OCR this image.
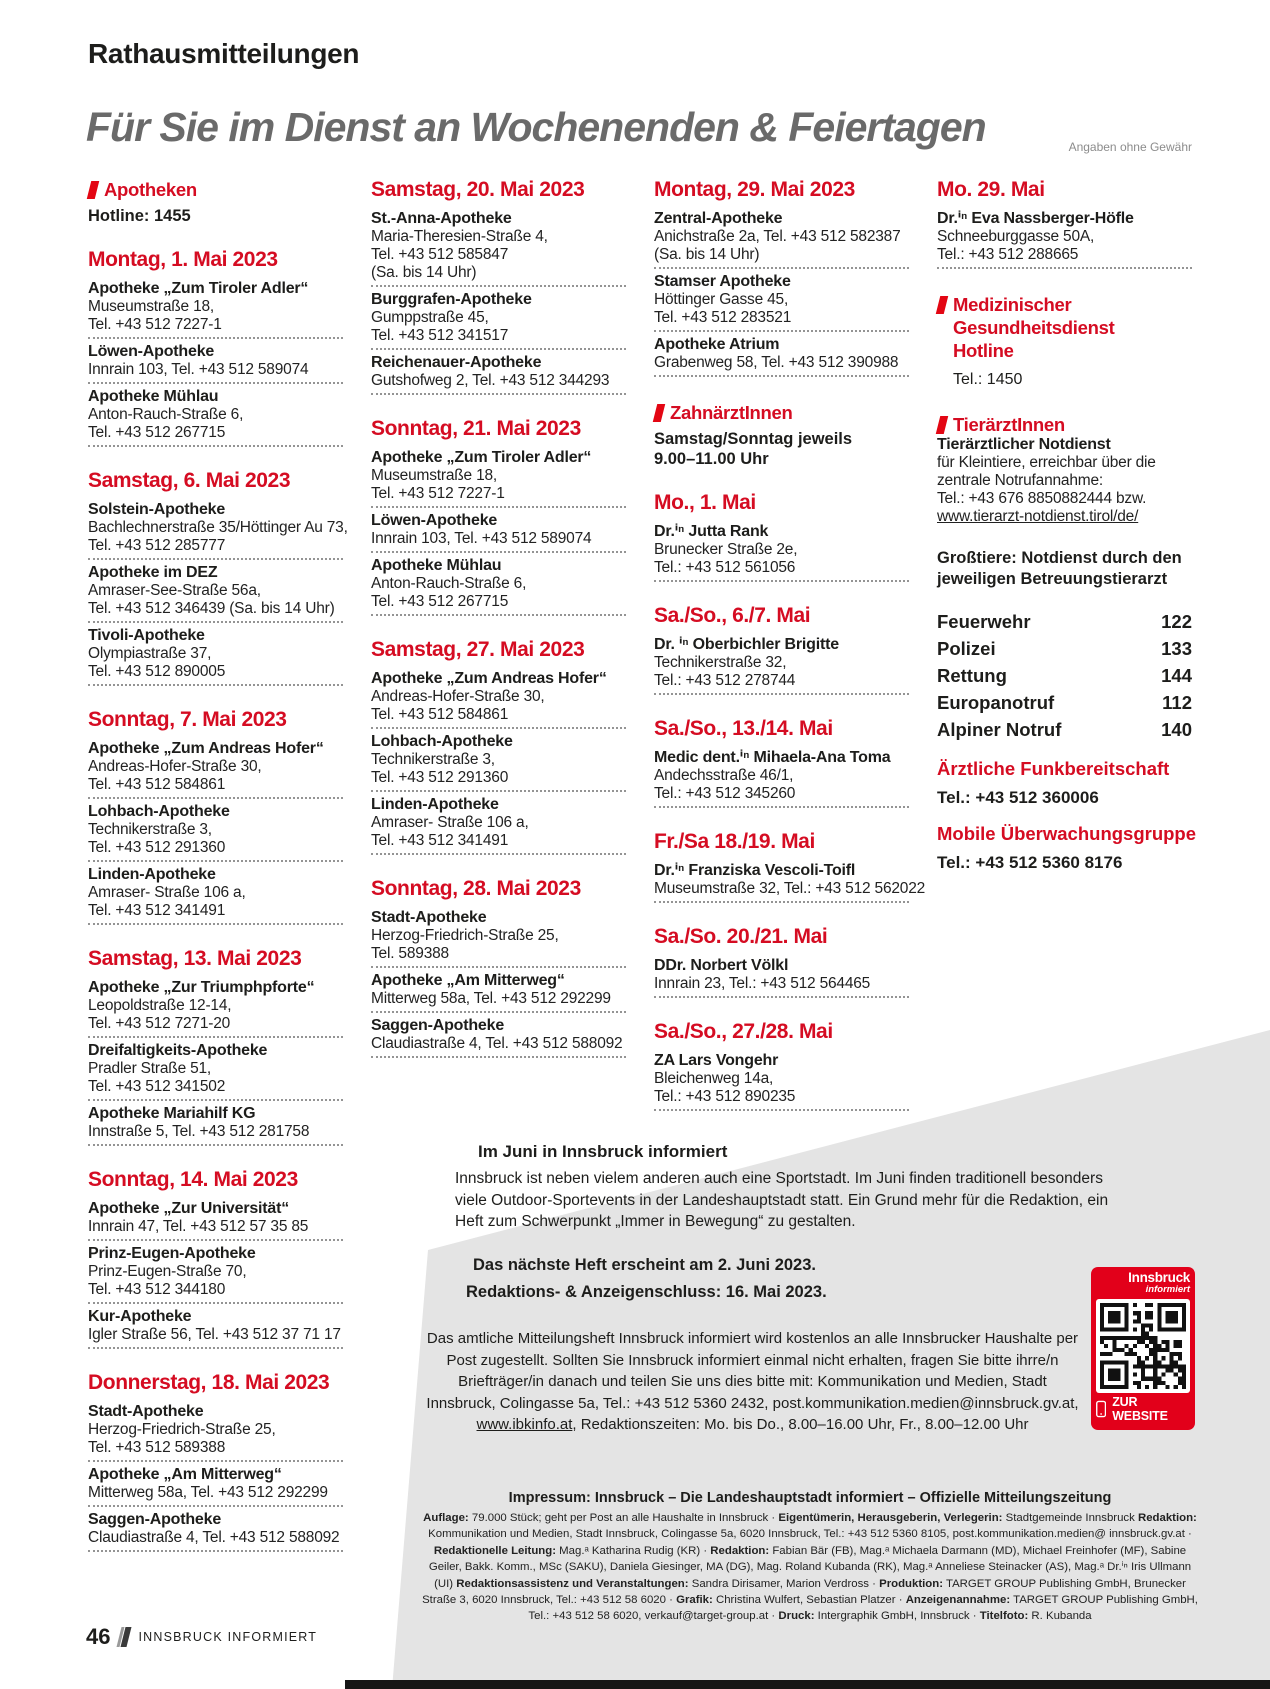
Rathausmitteilungen
Für Sie im Dienst an Wochenenden & Feiertagen	Angaben ohne Gewähr
Apotheken
Hotline: 1455
Montag, 1. Mai 2023
Apotheke „Zum Tiroler Adler“
Museumstraße 18,
Tel. +43 512 7227-1
Löwen-Apotheke
Innrain 103, Tel. +43 512 589074
Apotheke Mühlau
Anton-Rauch-Straße 6,
Tel. +43 512 267715
Samstag, 6. Mai 2023
Solstein-Apotheke
Bachlechnerstraße 35/Höttinger Au 73,
Tel. +43 512 285777
Apotheke im DEZ
Amraser-See-Straße 56a,
Tel. +43 512 346439 (Sa. bis 14 Uhr)
Tivoli-Apotheke
Olympiastraße 37,
Tel. +43 512 890005
Sonntag, 7. Mai 2023
Apotheke „Zum Andreas Hofer“
Andreas-Hofer-Straße 30,
Tel. +43 512 584861
Lohbach-Apotheke
Technikerstraße 3,
Tel. +43 512 291360
Linden-Apotheke
Amraser- Straße 106 a,
Tel. +43 512 341491
Samstag, 13. Mai 2023
Apotheke „Zur Triumphpforte“
Leopoldstraße 12-14,
Tel. +43 512 7271-20
Dreifaltigkeits-Apotheke
Pradler Straße 51,
Tel. +43 512 341502
Apotheke Mariahilf KG
Innstraße 5, Tel. +43 512 281758
Sonntag, 14. Mai 2023
Apotheke „Zur Universität“
Innrain 47, Tel. +43 512 57 35 85
Prinz-Eugen-Apotheke
Prinz-Eugen-Straße 70,
Tel. +43 512 344180
Kur-Apotheke
Igler Straße 56, Tel. +43 512 37 71 17
Donnerstag, 18. Mai 2023
Stadt-Apotheke
Herzog-Friedrich-Straße 25,
Tel. +43 512 589388
Apotheke „Am Mitterweg“
Mitterweg 58a, Tel. +43 512 292299
Saggen-Apotheke
Claudiastraße 4, Tel. +43 512 588092
Samstag, 20. Mai 2023
St.-Anna-Apotheke
Maria-Theresien-Straße 4,
Tel. +43 512 585847
(Sa. bis 14 Uhr)
Burggrafen-Apotheke
Gumppstraße 45,
Tel. +43 512 341517
Reichenauer-Apotheke
Gutshofweg 2, Tel. +43 512 344293
Sonntag, 21. Mai 2023
Apotheke „Zum Tiroler Adler“
Museumstraße 18,
Tel. +43 512 7227-1
Löwen-Apotheke
Innrain 103, Tel. +43 512 589074
Apotheke Mühlau
Anton-Rauch-Straße 6,
Tel. +43 512 267715
Samstag, 27. Mai 2023
Apotheke „Zum Andreas Hofer“
Andreas-Hofer-Straße 30,
Tel. +43 512 584861
Lohbach-Apotheke
Technikerstraße 3,
Tel. +43 512 291360
Linden-Apotheke
Amraser- Straße 106 a,
Tel. +43 512 341491
Sonntag, 28. Mai 2023
Stadt-Apotheke
Herzog-Friedrich-Straße 25,
Tel. 589388
Apotheke „Am Mitterweg“
Mitterweg 58a, Tel. +43 512 292299
Saggen-Apotheke
Claudiastraße 4, Tel. +43 512 588092
Montag, 29. Mai 2023
Zentral-Apotheke
Anichstraße 2a, Tel. +43 512 582387
(Sa. bis 14 Uhr)
Stamser Apotheke
Höttinger Gasse 45,
Tel. +43 512 283521
Apotheke Atrium
Grabenweg 58, Tel. +43 512 390988
ZahnärztInnen
Samstag/Sonntag jeweils
9.00–11.00 Uhr
Mo., 1. Mai
Dr.ⁱⁿ Jutta Rank
Brunecker Straße 2e,
Tel.: +43 512 561056
Sa./So., 6./7. Mai
Dr. ⁱⁿ Oberbichler Brigitte
Technikerstraße 32,
Tel.: +43 512 278744
Sa./So., 13./14. Mai
Medic dent.ⁱⁿ Mihaela-Ana Toma
Andechsstraße 46/1,
Tel.: +43 512 345260
Fr./Sa 18./19. Mai
Dr.ⁱⁿ Franziska Vescoli-Toifl
Museumstraße 32, Tel.: +43 512 562022
Sa./So. 20./21. Mai
DDr. Norbert Völkl
Innrain 23, Tel.: +43 512 564465
Sa./So., 27./28. Mai
ZA Lars Vongehr
Bleichenweg 14a,
Tel.: +43 512 890235
Mo. 29. Mai
Dr.ⁱⁿ Eva Nassberger-Höfle
Schneeburggasse 50A,
Tel.: +43 512 288665
Medizinischer
Gesundheitsdienst
Hotline
Tel.: 1450
TierärztInnen
Tierärztlicher Notdienst
für Kleintiere, erreichbar über die
zentrale Notrufannahme:
Tel.: +43 676 8850882444 bzw.
www.tierarzt-notdienst.tirol/de/
Großtiere: Notdienst durch den
jeweiligen Betreuungstierarzt
Feuerwehr	122
Polizei	133
Rettung	144
Europanotruf	112
Alpiner Notruf	140
Ärztliche Funkbereitschaft
Tel.: +43 512 360006
Mobile Überwachungsgruppe
Tel.: +43 512 5360 8176
Im Juni in Innsbruck informiert
Innsbruck ist neben vielem anderen auch eine Sportstadt. Im Juni finden traditionell besonders viele Outdoor-Sportevents in der Landeshauptstadt statt. Ein Grund mehr für die Redaktion, ein Heft zum Schwerpunkt „Immer in Bewegung“ zu gestalten.
Das nächste Heft erscheint am 2. Juni 2023.
Redaktions- & Anzeigenschluss: 16. Mai 2023.
Das amtliche Mitteilungsheft Innsbruck informiert wird kostenlos an alle Innsbrucker Haushalte per Post zugestellt. Sollten Sie Innsbruck informiert einmal nicht erhalten, fragen Sie bitte ihrre/n Briefträger/in danach und teilen Sie uns dies bitte mit: Kommunikation und Medien, Stadt Innsbruck, Colingasse 5a, Tel.: +43 512 5360 2432, post.kommunikation.medien@innsbruck.gv.at, www.ibkinfo.at, Redaktionszeiten: Mo. bis Do., 8.00–16.00 Uhr, Fr., 8.00–12.00 Uhr
Innsbruck
informiert
ZUR WEBSITE
Impressum: Innsbruck – Die Landeshauptstadt informiert – Offizielle Mitteilungszeitung
Auflage: 79.000 Stück; geht per Post an alle Haushalte in Innsbruck · Eigentümerin, Herausgeberin, Verlegerin: Stadtgemeinde Innsbruck Redaktion: Kommunikation und Medien, Stadt Innsbruck, Colingasse 5a, 6020 Innsbruck, Tel.: +43 512 5360 8105, post.kommunikation.medien@ innsbruck.gv.at · Redaktionelle Leitung: Mag.ᵃ Katharina Rudig (KR) · Redaktion: Fabian Bär (FB), Mag.ᵃ Michaela Darmann (MD), Michael Freinhofer (MF), Sabine Geiler, Bakk. Komm., MSc (SAKU), Daniela Giesinger, MA (DG), Mag. Roland Kubanda (RK), Mag.ᵃ Anneliese Steinacker (AS), Mag.ᵃ Dr.ⁱⁿ Iris Ullmann (UI) Redaktionsassistenz und Veranstaltungen: Sandra Dirisamer, Marion Verdross · Produktion: TARGET GROUP Publishing GmbH, Brunecker Straße 3, 6020 Innsbruck, Tel.: +43 512 58 6020 · Grafik: Christina Wulfert, Sebastian Platzer · Anzeigenannahme: TARGET GROUP Publishing GmbH, Tel.: +43 512 58 6020, verkauf@target-group.at · Druck: Intergraphik GmbH, Innsbruck · Titelfoto: R. Kubanda
46 INNSBRUCK INFORMIERT
